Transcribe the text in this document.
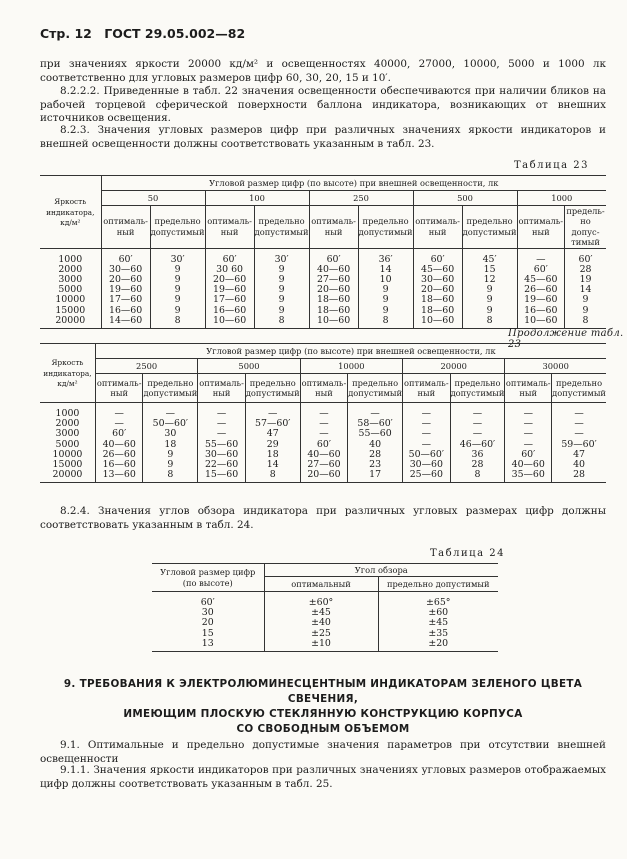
Стр. 12 ГОСТ 29.05.002—82
при значениях яркости 20000 кд/м² и освещенностях 40000, 27000, 10000, 5000 и 1000 лк соответственно для угловых размеров цифр 60, 30, 20, 15 и 10′.
8.2.2.2. Приведенные в табл. 22 значения освещенности обеспечиваются при наличии бликов на рабочей торцевой сферической поверхности баллона индикатора, возникающих от внешних источников освещения.
8.2.3. Значения угловых размеров цифр при различных значениях яркости индикаторов и внешней освещенности должны соответствовать указанным в табл. 23.
Таблица 23
Яркость индикатора, кд/м²	Угловой размер цифр (по высоте) при внешней освещенности, лк									
	50		100		250		500		1000	
	оптималь-ный	предельно допустимый	оптималь-ный	предельно допустимый	оптималь-ный	предельно допустимый	оптималь-ный	предельно допустимый	оптималь-ный	предель-но допус-тимый
1000	60′	30′	60′	30′	60′	36′	60′	45′	—	60′
2000	30—60	9	30 60	9	40—60	14	45—60	15	60′	28
3000	20—60	9	20—60	9	27—60	10	30—60	12	45—60	19
5000	19—60	9	19—60	9	20—60	9	20—60	9	26—60	14
10000	17—60	9	17—60	9	18—60	9	18—60	9	19—60	9
15000	16—60	9	16—60	9	18—60	9	18—60	9	16—60	9
20000	14—60	8	10—60	8	10—60	8	10—60	8	10—60	8
Продолжение табл. 23
Яркость индикатора, кд/м²	Угловой размер цифр (по высоте) при внешней освещенности, лк									
	2500		5000		10000		20000		30000	
	оптималь-ный	предельно допустимый	оптималь-ный	предельно допустимый	оптималь-ный	предельно допустимый	оптималь-ный	предельно допустимый	оптималь-ный	предельно допустимый
1000	—	—	—	—	—	—	—	—	—	—
2000	—	50—60′	—	57—60′	—	58—60′	—	—	—	—
3000	60′	30	—	47	—	55—60	—	—	—	—
5000	40—60	18	55—60	29	60′	40	—	46—60′	—	59—60′
10000	26—60	9	30—60	18	40—60	28	50—60′	36	60′	47
15000	16—60	9	22—60	14	27—60	23	30—60	28	40—60	40
20000	13—60	8	15—60	8	20—60	17	25—60	8	35—60	28
8.2.4. Значения углов обзора индикатора при различных угловых размерах цифр должны соответствовать указанным в табл. 24.
Таблица 24
Угловой размер цифр (по высоте)	Угол обзора	
	оптимальный	предельно допустимый
60′	±60°	±65°
30	±45	±60
20	±40	±45
15	±25	±35
13	±10	±20
9. ТРЕБОВАНИЯ К ЭЛЕКТРОЛЮМИНЕСЦЕНТНЫМ ИНДИКАТОРАМ ЗЕЛЕНОГО ЦВЕТА СВЕЧЕНИЯ,
ИМЕЮЩИМ ПЛОСКУЮ СТЕКЛЯННУЮ КОНСТРУКЦИЮ КОРПУСА
СО СВОБОДНЫМ ОБЪЕМОМ
9.1. Оптимальные и предельно допустимые значения параметров при отсутствии внешней освещенности
9.1.1. Значения яркости индикаторов при различных значениях угловых размеров отображаемых цифр должны соответствовать указанным в табл. 25.
